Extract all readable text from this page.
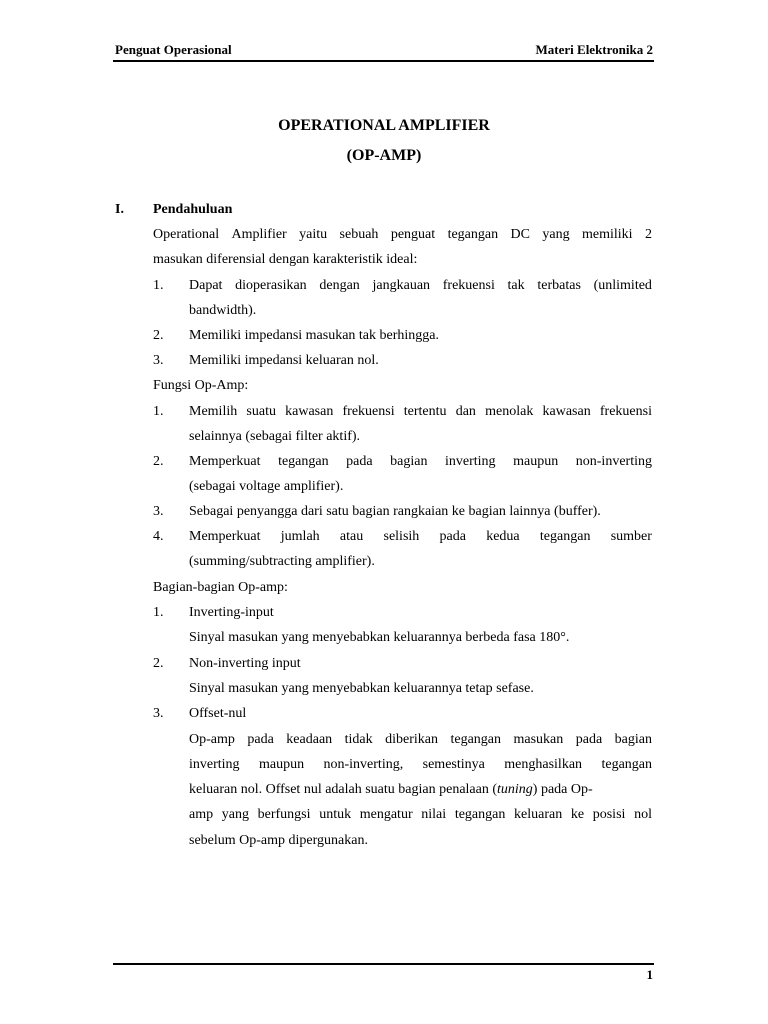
Penguat Operasional	Materi Elektronika 2
OPERATIONAL AMPLIFIER
(OP-AMP)
I. Pendahuluan
Operational Amplifier yaitu sebuah penguat tegangan DC yang memiliki 2
masukan diferensial dengan karakteristik ideal:
1. Dapat dioperasikan dengan jangkauan frekuensi tak terbatas (unlimited
bandwidth).
2. Memiliki impedansi masukan tak berhingga.
3. Memiliki impedansi keluaran nol.
Fungsi Op-Amp:
1. Memilih suatu kawasan frekuensi tertentu dan menolak kawasan frekuensi
selainnya (sebagai filter aktif).
2. Memperkuat tegangan pada bagian inverting maupun non-inverting
(sebagai voltage amplifier).
3. Sebagai penyangga dari satu bagian rangkaian ke bagian lainnya (buffer).
4. Memperkuat jumlah atau selisih pada kedua tegangan sumber
(summing/subtracting amplifier).
Bagian-bagian Op-amp:
1. Inverting-input
Sinyal masukan yang menyebabkan keluarannya berbeda fasa 180°.
2. Non-inverting input
Sinyal masukan yang menyebabkan keluarannya tetap sefase.
3. Offset-nul
Op-amp pada keadaan tidak diberikan tegangan masukan pada bagian
inverting maupun non-inverting, semestinya menghasilkan tegangan
keluaran nol. Offset nul adalah suatu bagian penalaan (tuning) pada Op-
amp yang berfungsi untuk mengatur nilai tegangan keluaran ke posisi nol
sebelum Op-amp dipergunakan.
1
